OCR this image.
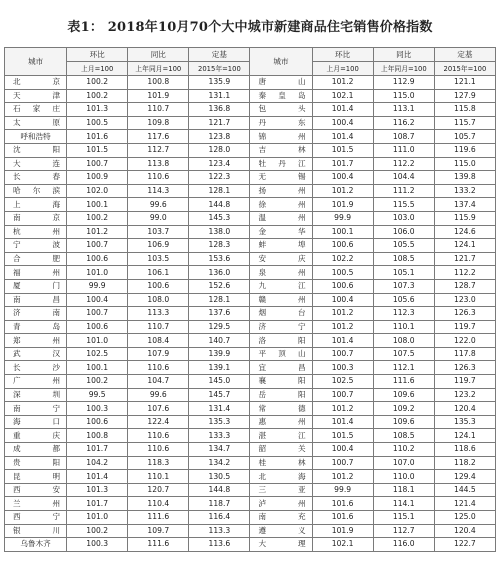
表1： 2018年10月70个大中城市新建商品住宅销售价格指数
城市	环比	同比	定基	城市	环比	同比	定基
	上月=100	上年同月=100	2015年=100		上月=100	上年同月=100	2015年=100
北京	100.2	100.8	135.9	唐山	101.2	112.9	121.1
天津	100.2	101.9	131.1	秦皇岛	102.1	115.0	127.9
石家庄	101.3	110.7	136.8	包头	101.4	113.1	115.8
太原	100.5	109.8	121.7	丹东	100.4	116.2	115.7
呼和浩特	101.6	117.6	123.8	锦州	101.4	108.7	105.7
沈阳	101.5	112.7	128.0	吉林	101.5	111.0	119.6
大连	100.7	113.8	123.4	牡丹江	101.7	112.2	115.0
长春	100.9	110.6	122.3	无锡	100.4	104.4	139.8
哈尔滨	102.0	114.3	128.1	扬州	101.2	111.2	133.2
上海	100.1	99.6	144.8	徐州	101.9	115.5	137.4
南京	100.2	99.0	145.3	温州	99.9	103.0	115.9
杭州	101.2	103.7	138.0	金华	100.1	106.0	124.6
宁波	100.7	106.9	128.3	蚌埠	100.6	105.5	124.1
合肥	100.6	103.5	153.6	安庆	102.2	108.5	121.7
福州	101.0	106.1	136.0	泉州	100.5	105.1	112.2
厦门	99.9	100.6	152.6	九江	100.6	107.3	128.7
南昌	100.4	108.0	128.1	赣州	100.4	105.6	123.0
济南	100.7	113.3	137.6	烟台	101.2	112.3	126.3
青岛	100.6	110.7	129.5	济宁	101.2	110.1	119.7
郑州	101.0	108.4	140.7	洛阳	101.4	108.0	122.0
武汉	102.5	107.9	139.9	平顶山	100.7	107.5	117.8
长沙	100.1	110.6	139.1	宜昌	100.3	112.1	126.3
广州	100.2	104.7	145.0	襄阳	102.5	111.6	119.7
深圳	99.5	99.6	145.7	岳阳	100.7	109.6	123.2
南宁	100.3	107.6	131.4	常德	101.2	109.2	120.4
海口	100.6	122.4	135.3	惠州	101.4	109.6	135.3
重庆	100.8	110.6	133.3	湛江	101.5	108.5	124.1
成都	101.7	110.6	134.7	韶关	100.4	110.2	118.6
贵阳	104.2	118.3	134.2	桂林	100.7	107.0	118.2
昆明	101.4	110.1	130.5	北海	101.2	110.0	129.4
西安	101.3	120.7	144.8	三亚	99.9	118.1	144.5
兰州	101.7	110.4	118.7	泸州	101.6	114.1	121.4
西宁	101.0	111.6	116.4	南充	101.6	115.1	125.0
银川	100.2	109.7	113.3	遵义	101.9	112.7	120.4
乌鲁木齐	100.3	111.6	113.6	大理	102.1	116.0	122.7
